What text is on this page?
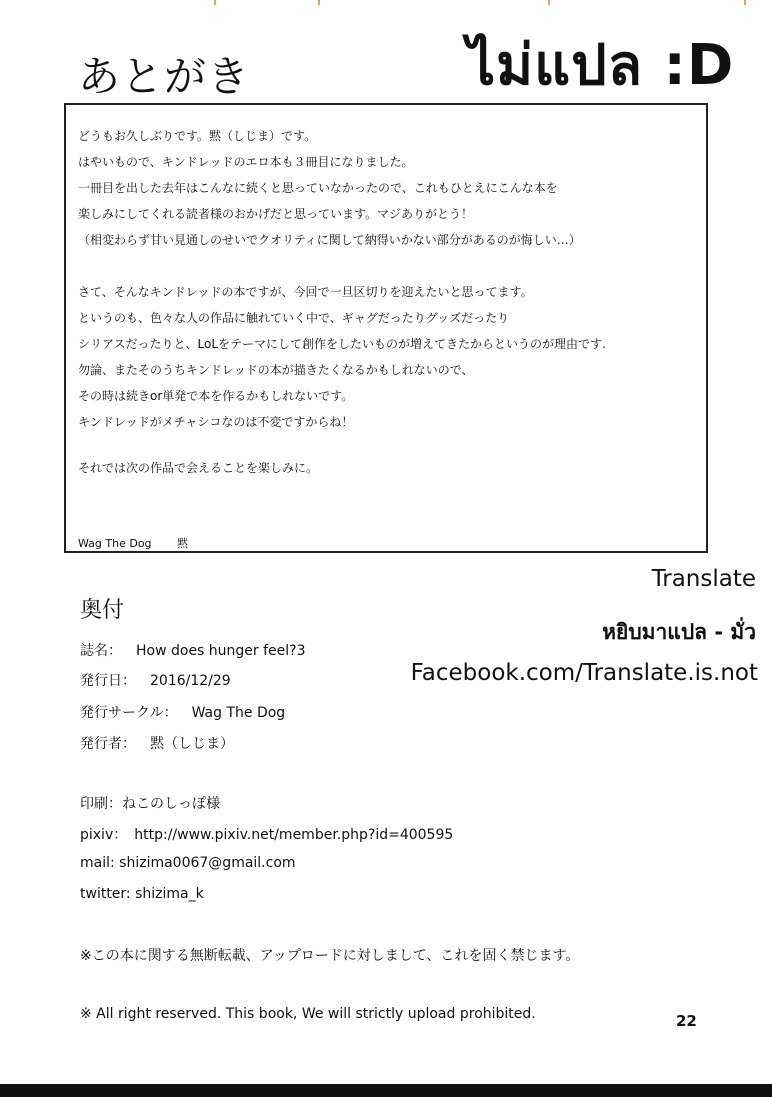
あとがき	ไม่แปล :D
どうもお久しぶりです。黙（しじま）です。
はやいもので、キンドレッドのエロ本も３冊目になりました。
一冊目を出した去年はこんなに続くと思っていなかったので、これもひとえにこんな本を
楽しみにしてくれる読者様のおかげだと思っています。マジありがとう！
（相変わらず甘い見通しのせいでクオリティに関して納得いかない部分があるのが悔しい…）
さて、そんなキンドレッドの本ですが、今回で一旦区切りを迎えたいと思ってます。
というのも、色々な人の作品に触れていく中で、ギャグだったりグッズだったり
シリアスだったりと、LoLをテーマにして創作をしたいものが増えてきたからというのが理由です.
勿論、またそのうちキンドレッドの本が描きたくなるかもしれないので、
その時は続きor単発で本を作るかもしれないです。
キンドレッドがメチャシコなのは不変ですからね！
それでは次の作品で会えることを楽しみに。
Wag The Dog 黙
Translate
หยิบมาแปล - มั่ว
Facebook.com/Translate.is.not
奥付
誌名： How does hunger feel?3
発行日： 2016/12/29
発行サークル： Wag The Dog
発行者： 黙（しじま）
印刷：ねこのしっぽ様
pixiv：　http://www.pixiv.net/member.php?id=400595
mail: shizima0067@gmail.com
twitter: shizima_k
※この本に関する無断転載、アップロードに対しまして、これを固く禁じます。
※ All right reserved. This book, We will strictly upload prohibited.	22
